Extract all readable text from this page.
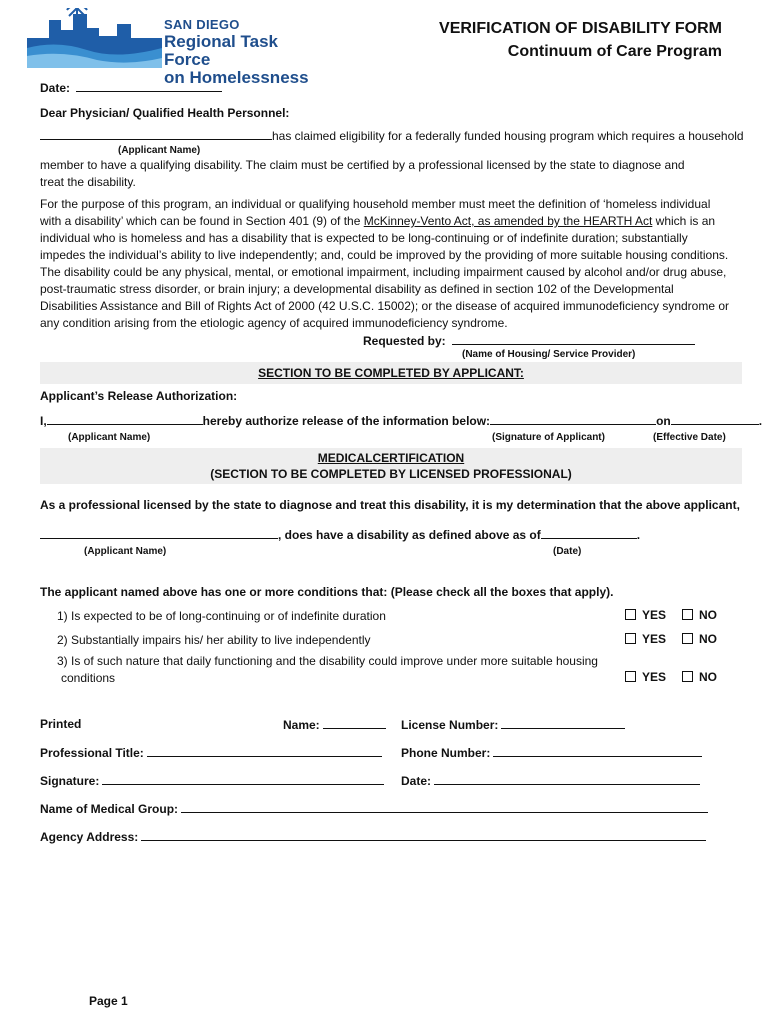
SAN DIEGO
Regional Task Force
on Homelessness
VERIFICATION OF DISABILITY FORM
Continuum of Care Program
Date:
Dear Physician/ Qualified Health Personnel:
has claimed eligibility for a federally funded housing program which requires a household
(Applicant Name)
member to have a qualifying disability. The claim must be certified by a professional licensed by the state to diagnose and treat the disability.
For the purpose of this program, an individual or qualifying household member must meet the definition of ‘homeless individual with a disability’ which can be found in Section 401 (9) of the McKinney-Vento Act, as amended by the HEARTH Act which is an individual who is homeless and has a disability that is expected to be long-continuing or of indefinite duration; substantially impedes the individual’s ability to live independently; and, could be improved by the providing of more suitable housing conditions. The disability could be any physical, mental, or emotional impairment, including impairment caused by alcohol and/or drug abuse, post-traumatic stress disorder, or brain injury; a developmental disability as defined in section 102 of the Developmental Disabilities Assistance and Bill of Rights Act of 2000 (42 U.S.C. 15002); or the disease of acquired immunodeficiency syndrome or any condition arising from the etiologic agency of acquired immunodeficiency syndrome.
Requested by:
(Name of Housing/ Service Provider)
SECTION TO BE COMPLETED BY APPLICANT:
Applicant’s Release Authorization:
I,	hereby authorize release of the information below:	on	.
(Applicant Name)	(Signature of Applicant)	(Effective Date)
MEDICALCERTIFICATION
(SECTION TO BE COMPLETED BY LICENSED PROFESSIONAL)
As a professional licensed by the state to diagnose and treat this disability, it is my determination that the above applicant,
, does have a disability as defined above as of	.
(Applicant Name)	(Date)
The applicant named above has one or more conditions that: (Please check all the boxes that apply).
1) Is expected to be of long-continuing or of indefinite duration	YES	NO
2) Substantially impairs his/ her ability to live independently	YES	NO
3) Is of such nature that daily functioning and the disability could improve under more suitable housing
conditions	YES	NO
Printed	Name:	License Number:
Professional Title:	Phone Number:
Signature:	Date:
Name of Medical Group:
Agency Address:
Page 1
